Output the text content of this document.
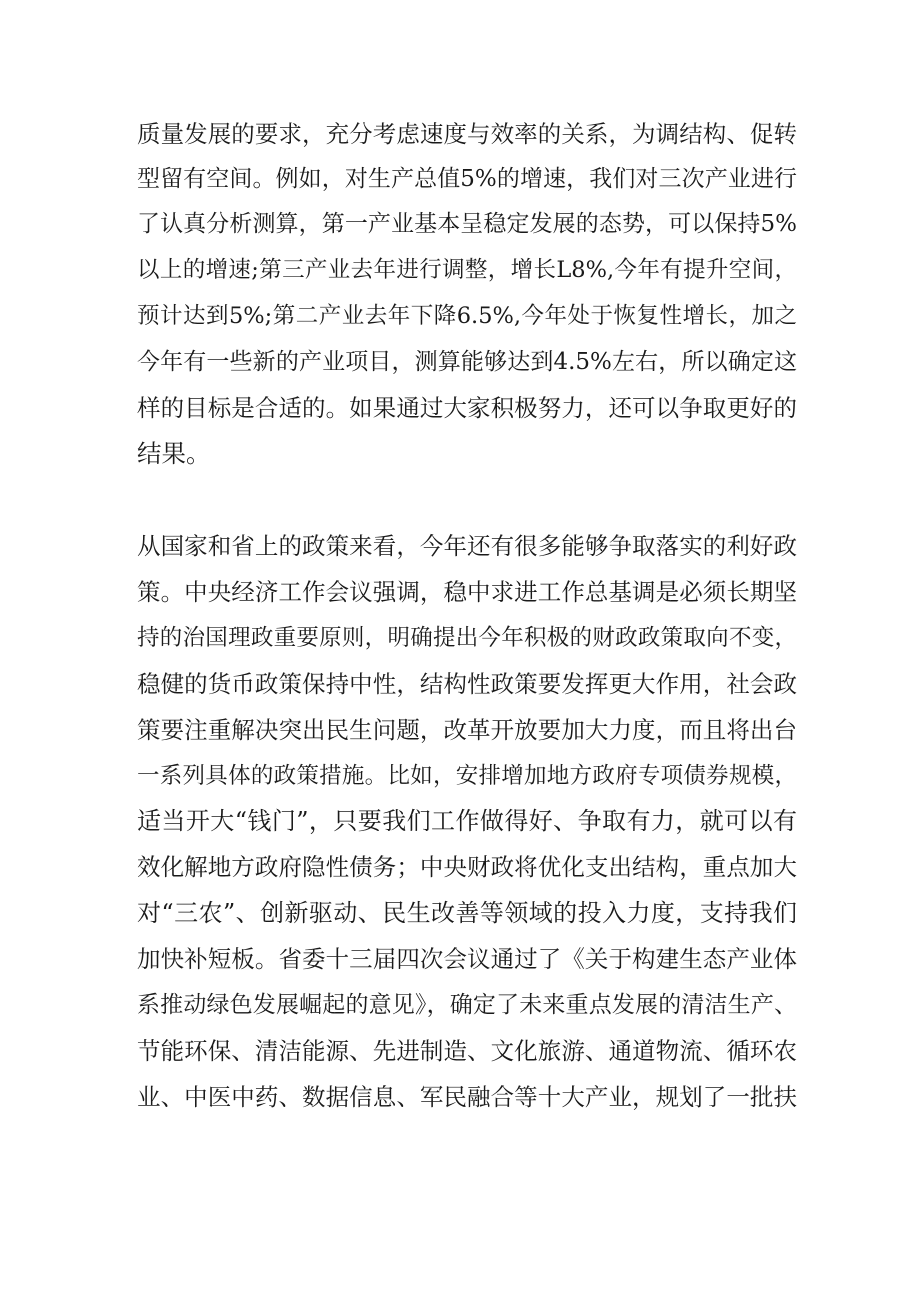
质量发展的要求，充分考虑速度与效率的关系，为调结构、促转
型留有空间。例如，对生产总值5%的增速，我们对三次产业进行
了认真分析测算，第一产业基本呈稳定发展的态势，可以保持5%
以上的增速;第三产业去年进行调整，增长L8%,今年有提升空间，
预计达到5%;第二产业去年下降6.5%,今年处于恢复性增长，加之
今年有一些新的产业项目，测算能够达到4.5%左右，所以确定这
样的目标是合适的。如果通过大家积极努力，还可以争取更好的
结果。
从国家和省上的政策来看，今年还有很多能够争取落实的利好政
策。中央经济工作会议强调，稳中求进工作总基调是必须长期坚
持的治国理政重要原则，明确提出今年积极的财政政策取向不变，
稳健的货币政策保持中性，结构性政策要发挥更大作用，社会政
策要注重解决突出民生问题，改革开放要加大力度，而且将出台
一系列具体的政策措施。比如，安排增加地方政府专项债券规模，
适当开大“钱门”，只要我们工作做得好、争取有力，就可以有
效化解地方政府隐性债务；中央财政将优化支出结构，重点加大
对“三农”、创新驱动、民生改善等领域的投入力度，支持我们
加快补短板。省委十三届四次会议通过了《关于构建生态产业体
系推动绿色发展崛起的意见》，确定了未来重点发展的清洁生产、
节能环保、清洁能源、先进制造、文化旅游、通道物流、循环农
业、中医中药、数据信息、军民融合等十大产业，规划了一批扶
